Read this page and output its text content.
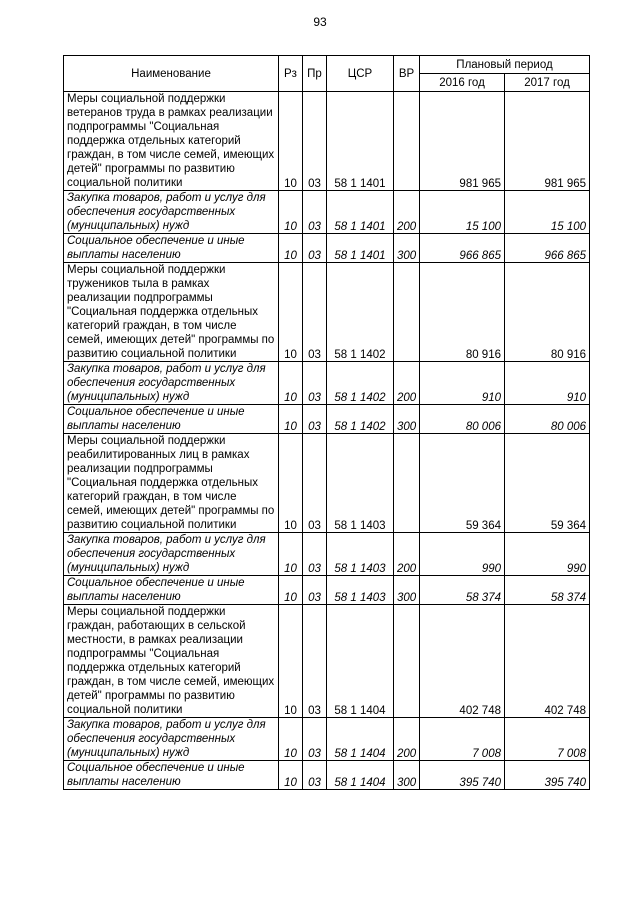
93
Наименование	Рз	Пр	ЦСР	ВР	Плановый период	
					2016 год	2017 год
Меры социальной поддержки ветеранов труда в рамках реализации подпрограммы "Социальная поддержка отдельных категорий граждан, в том числе семей, имеющих детей" программы по развитию социальной политики	10	03	58 1 1401		981 965	981 965
Закупка товаров, работ и услуг для обеспечения государственных (муниципальных) нужд	10	03	58 1 1401	200	15 100	15 100
Социальное обеспечение и иные выплаты населению	10	03	58 1 1401	300	966 865	966 865
Меры социальной поддержки тружеников тыла в рамках реализации подпрограммы "Социальная поддержка отдельных категорий граждан, в том числе семей, имеющих детей" программы по развитию социальной политики	10	03	58 1 1402		80 916	80 916
Закупка товаров, работ и услуг для обеспечения государственных (муниципальных) нужд	10	03	58 1 1402	200	910	910
Социальное обеспечение и иные выплаты населению	10	03	58 1 1402	300	80 006	80 006
Меры социальной поддержки реабилитированных лиц в рамках реализации подпрограммы "Социальная поддержка отдельных категорий граждан, в том числе семей, имеющих детей" программы по развитию социальной политики	10	03	58 1 1403		59 364	59 364
Закупка товаров, работ и услуг для обеспечения государственных (муниципальных) нужд	10	03	58 1 1403	200	990	990
Социальное обеспечение и иные выплаты населению	10	03	58 1 1403	300	58 374	58 374
Меры социальной поддержки граждан, работающих в сельской местности, в рамках реализации подпрограммы "Социальная поддержка отдельных категорий граждан, в том числе семей, имеющих детей" программы по развитию социальной политики	10	03	58 1 1404		402 748	402 748
Закупка товаров, работ и услуг для обеспечения государственных (муниципальных) нужд	10	03	58 1 1404	200	7 008	7 008
Социальное обеспечение и иные выплаты населению	10	03	58 1 1404	300	395 740	395 740
